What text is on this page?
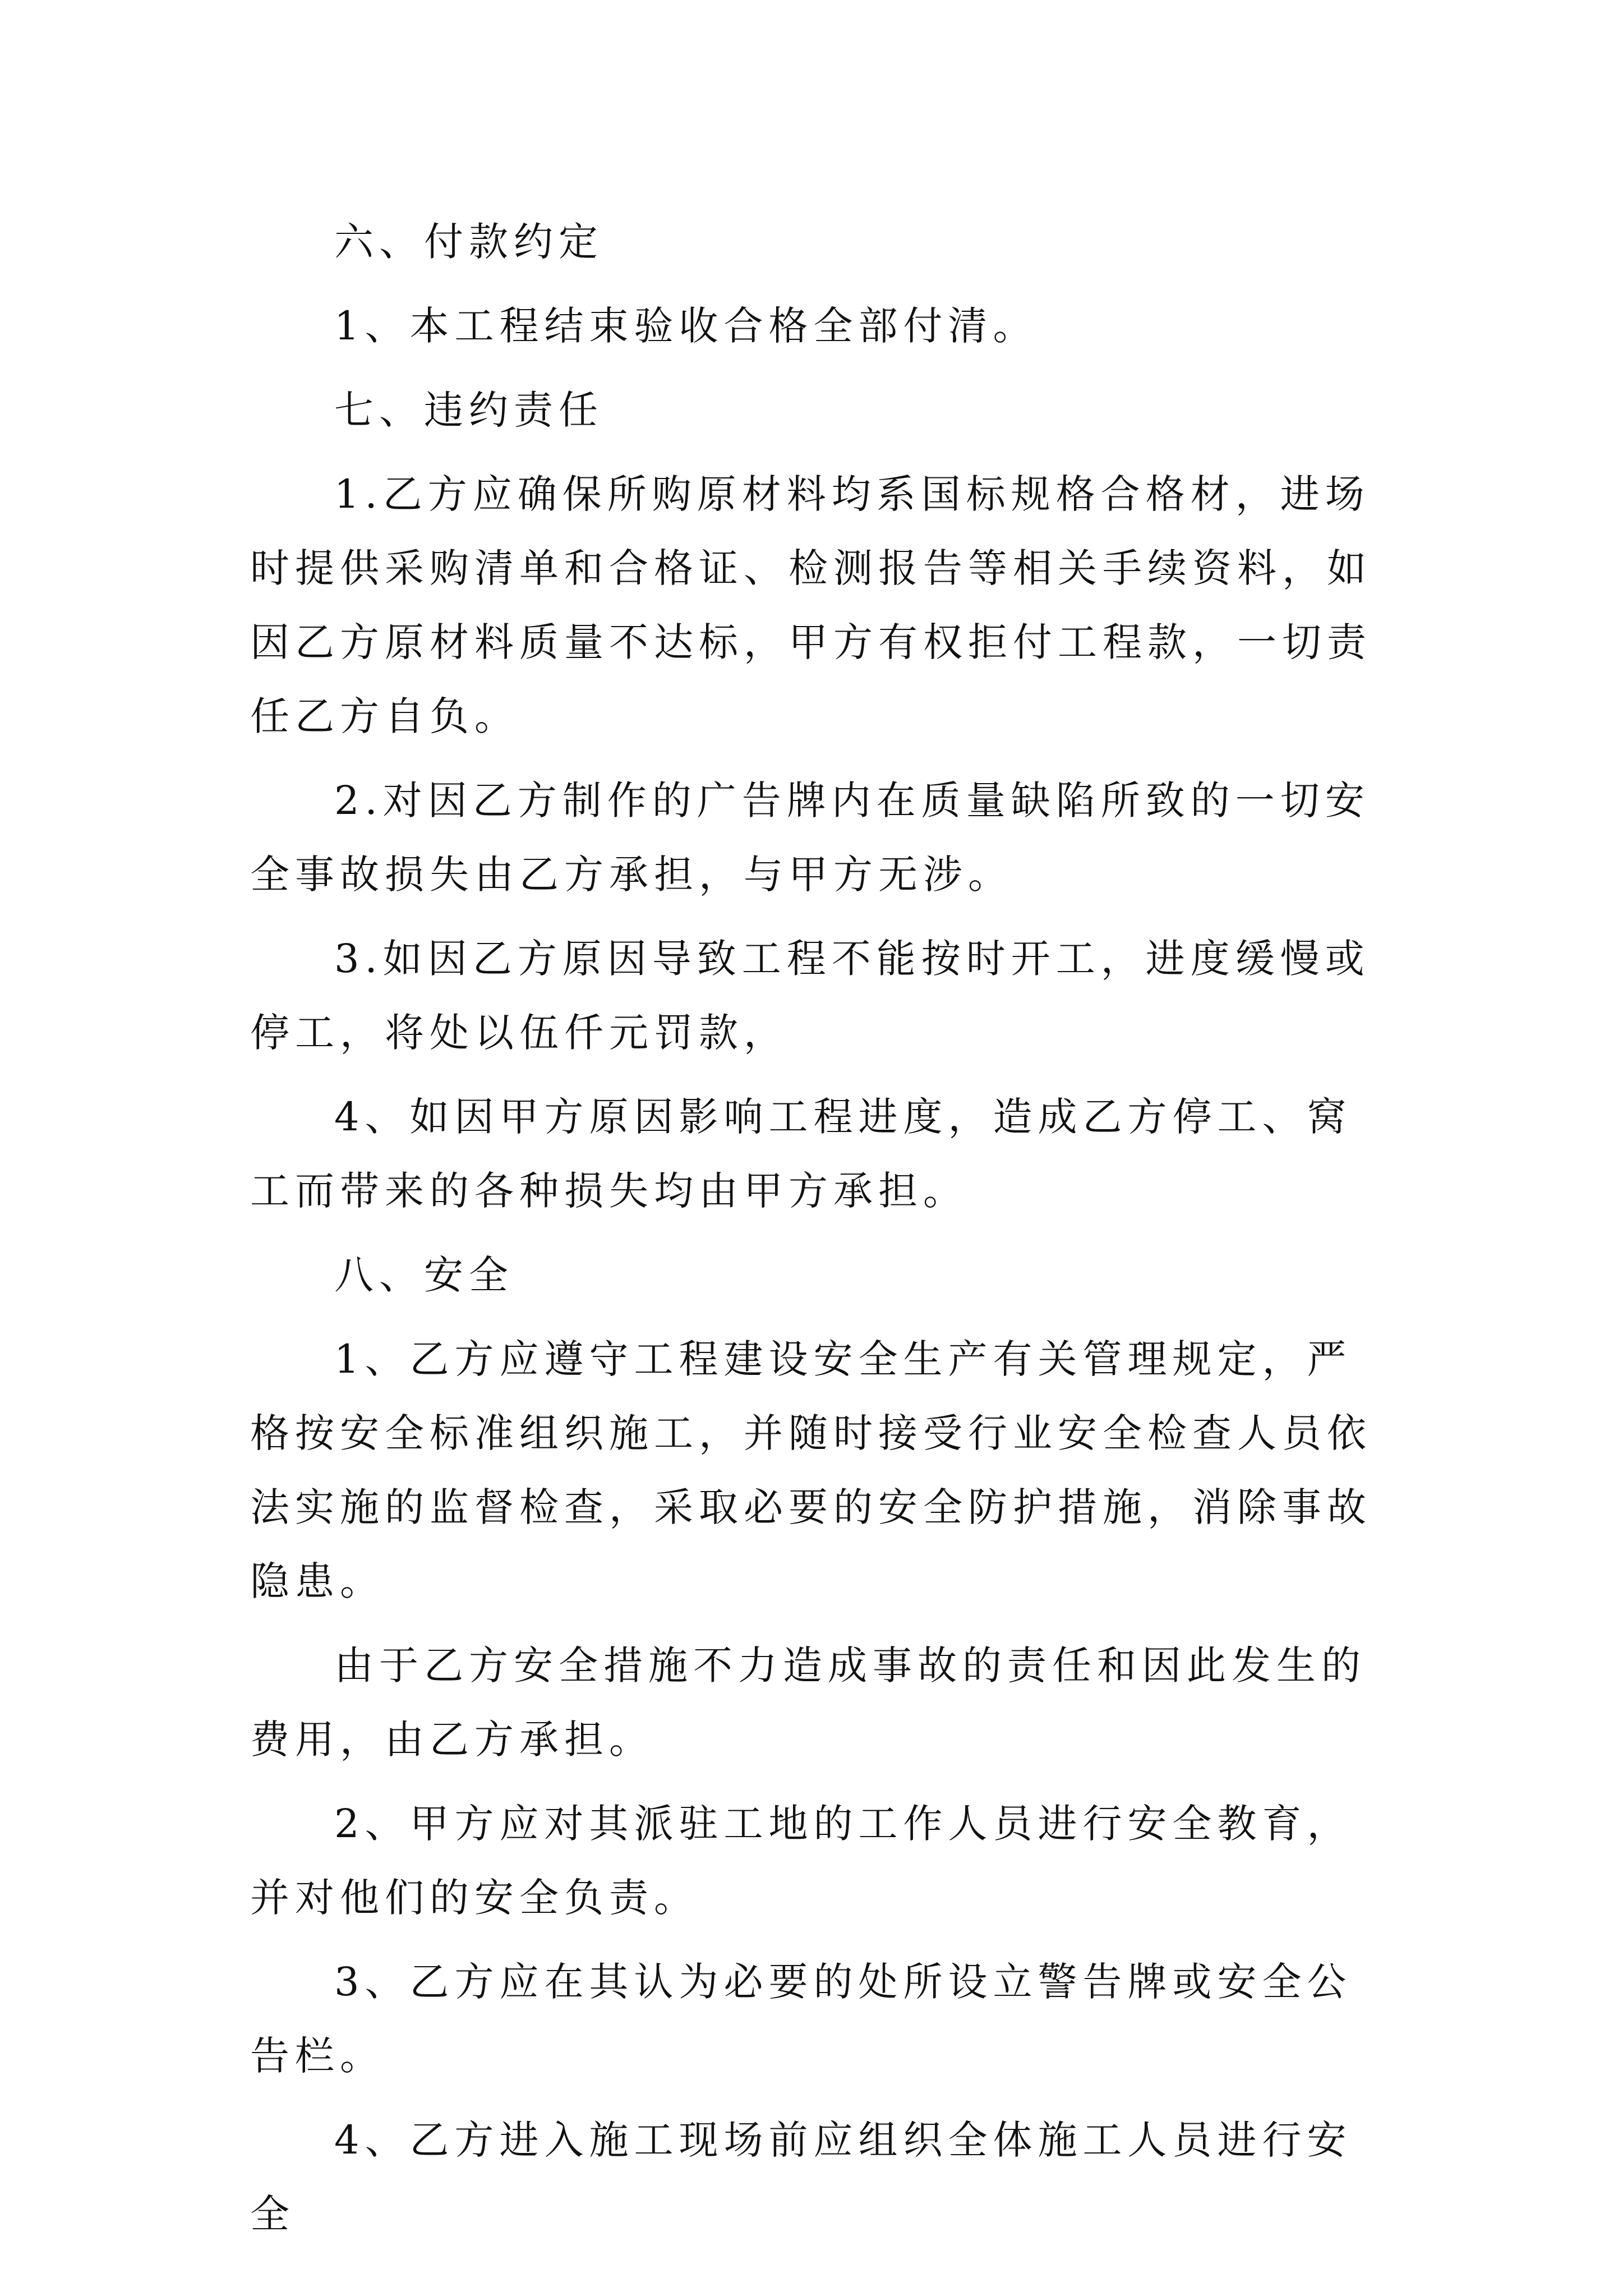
六、付款约定

1、本工程结束验收合格全部付清。

七、违约责任

1.乙方应确保所购原材料均系国标规格合格材，进场时提供采购清单和合格证、检测报告等相关手续资料，如因乙方原材料质量不达标，甲方有权拒付工程款，一切责任乙方自负。

2.对因乙方制作的广告牌内在质量缺陷所致的一切安全事故损失由乙方承担，与甲方无涉。

3.如因乙方原因导致工程不能按时开工，进度缓慢或停工，将处以伍仟元罚款，

4、如因甲方原因影响工程进度，造成乙方停工、窝工而带来的各种损失均由甲方承担。

八、安全

1、乙方应遵守工程建设安全生产有关管理规定，严格按安全标准组织施工，并随时接受行业安全检查人员依法实施的监督检查，采取必要的安全防护措施，消除事故隐患。

由于乙方安全措施不力造成事故的责任和因此发生的费用，由乙方承担。

2、甲方应对其派驻工地的工作人员进行安全教育，并对他们的安全负责。

3、乙方应在其认为必要的处所设立警告牌或安全公告栏。

4、乙方进入施工现场前应组织全体施工人员进行安全
